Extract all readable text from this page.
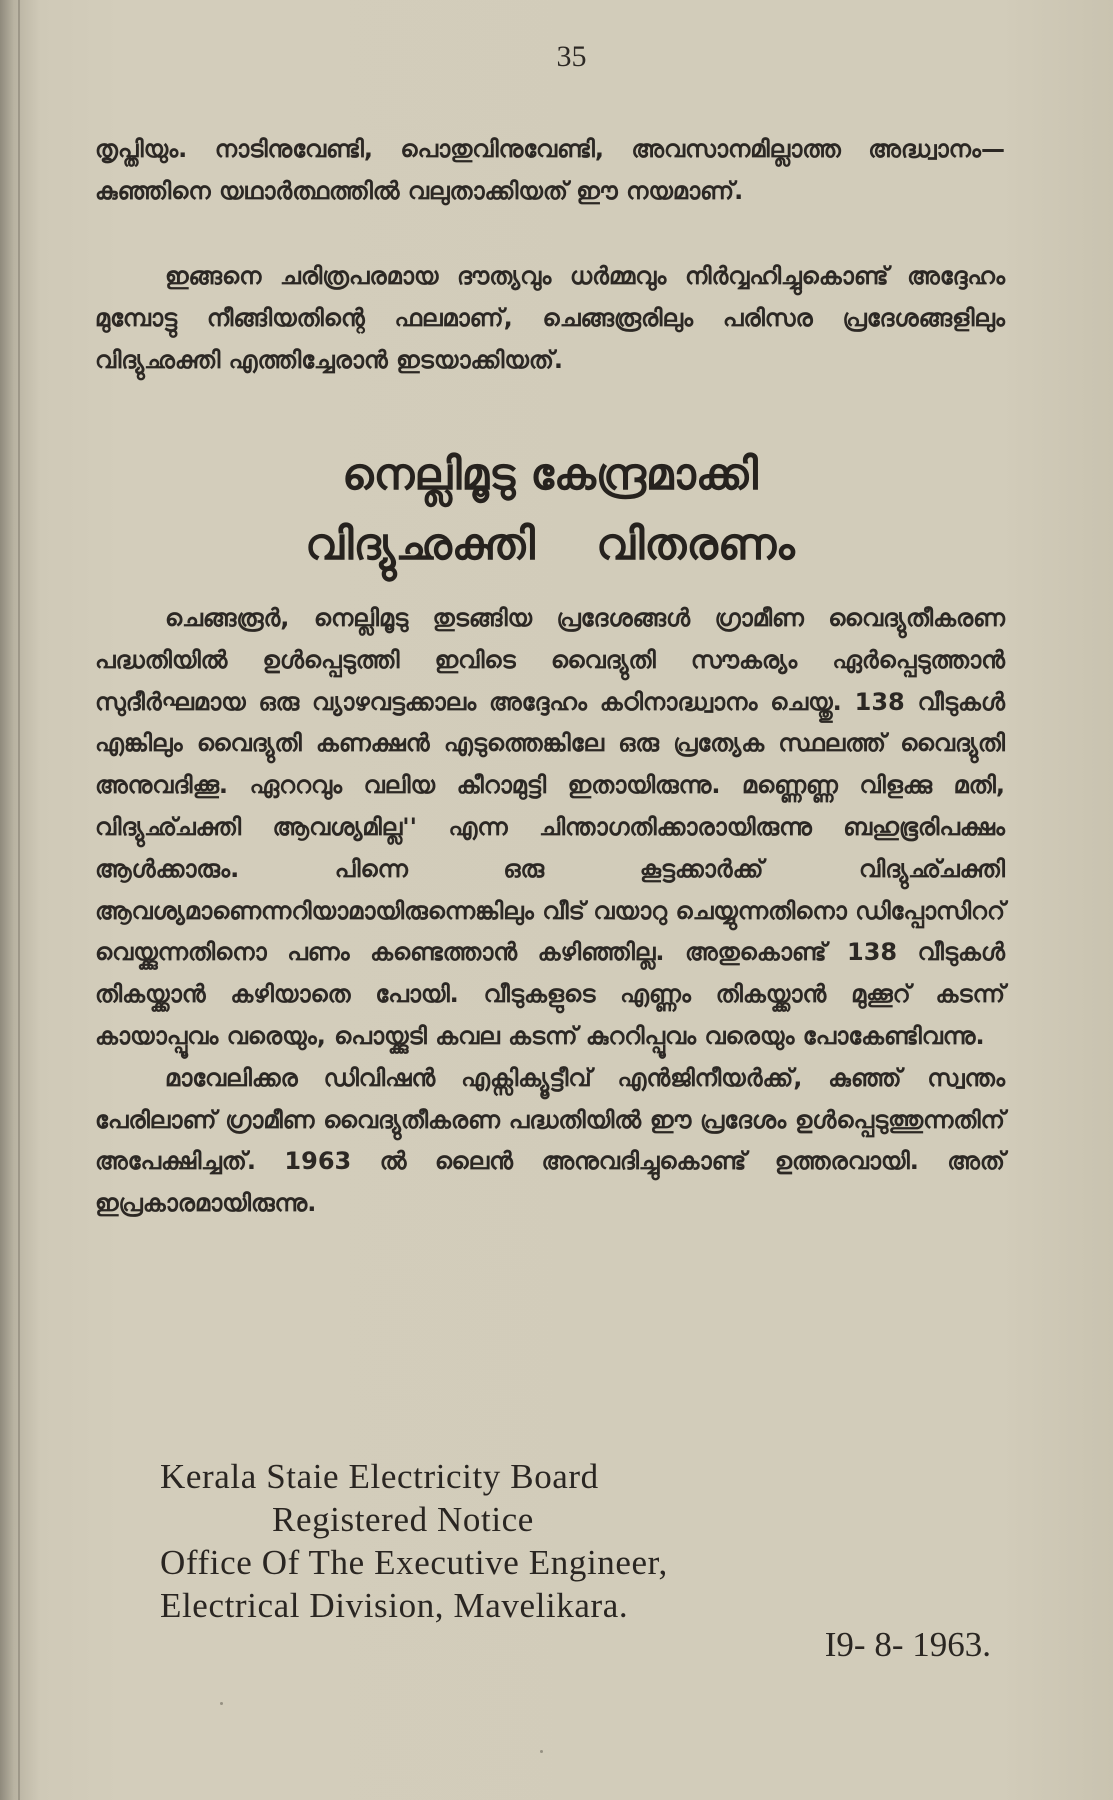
35

തൃപ്തിയും. നാടിനുവേണ്ടി, പൊതുവിനുവേണ്ടി, അവസാനമില്ലാത്ത അദ്ധ്വാനം—കുഞ്ഞിനെ യഥാർത്ഥത്തിൽ വലുതാക്കിയത് ഈ നയമാണ്.

ഇങ്ങനെ ചരിത്രപരമായ ദൗത്യവും ധർമ്മവും നിർവ്വഹിച്ചുകൊണ്ട് അദ്ദേഹം മുമ്പോട്ടു നീങ്ങിയതിന്റെ ഫലമാണ്, ചെങ്ങരൂരിലും പരിസര പ്രദേശങ്ങളിലും വിദ്യുഛക്തി എത്തിച്ചേരാൻ ഇടയാക്കിയത്.

നെല്ലിമൂടു കേന്ദ്രമാക്കി
വിദ്യുഛക്തി    വിതരണം

ചെങ്ങരൂർ, നെല്ലിമൂടു തുടങ്ങിയ പ്രദേശങ്ങൾ ഗ്രാമീണ വൈദ്യുതീകരണ പദ്ധതിയിൽ ഉൾപ്പെടുത്തി ഇവിടെ വൈദ്യുതി സൗകര്യം ഏർപ്പെടുത്താൻ സുദീർഘമായ ഒരു വ്യാഴവട്ടക്കാലം അദ്ദേഹം കഠിനാദ്ധ്വാനം ചെയ്തു. 138 വീടുകൾ എങ്കിലും വൈദ്യുതി കണക്ഷൻ എടുത്തെങ്കിലേ ഒരു പ്രത്യേക സ്ഥലത്ത് വൈദ്യുതി അനുവദിക്കൂ. ഏററവും വലിയ കീറാമുട്ടി ഇതായിരുന്നു. മണ്ണെണ്ണ വിളക്കു മതി, വിദ്യുഛ്ചക്തി ആവശ്യമില്ല'' എന്ന ചിന്താഗതിക്കാരായിരുന്നു ബഹുഭൂരിപക്ഷം ആൾക്കാരും. പിന്നെ ഒരു കൂട്ടക്കാർക്ക് വിദ്യുഛ്ചക്തി ആവശ്യമാണെന്നറിയാമായിരുന്നെങ്കിലും വീട് വയാറു ചെയ്യുന്നതിനൊ ഡിപ്പോസിററ് വെയ്ക്കുന്നതിനൊ പണം കണ്ടെത്താൻ കഴിഞ്ഞില്ല. അതുകൊണ്ട് 138 വീടുകൾ തികയ്ക്കാൻ കഴിയാതെ പോയി. വീടുകളുടെ എണ്ണം തികയ്ക്കാൻ മുക്കൂറ് കടന്ന് കായാപ്പൂവം വരെയും, പൊയ്ക്കുടി കവല കടന്ന് കുററിപ്പൂവം വരെയും പോകേണ്ടിവന്നു.

മാവേലിക്കര ഡിവിഷൻ എക്സിക്യൂട്ടീവ് എൻജിനീയർക്ക്, കുഞ്ഞ് സ്വന്തം പേരിലാണ് ഗ്രാമീണ വൈദ്യുതീകരണ പദ്ധതിയിൽ ഈ പ്രദേശം ഉൾപ്പെടുത്തുന്നതിന് അപേക്ഷിച്ചത്. 1963 ൽ ലൈൻ അനുവദിച്ചുകൊണ്ട് ഉത്തരവായി. അത് ഇപ്രകാരമായിരുന്നു.

Kerala Staie Electricity Board
Registered Notice
Office Of The Executive Engineer,
Electrical Division, Mavelikara.
I9- 8- 1963.
